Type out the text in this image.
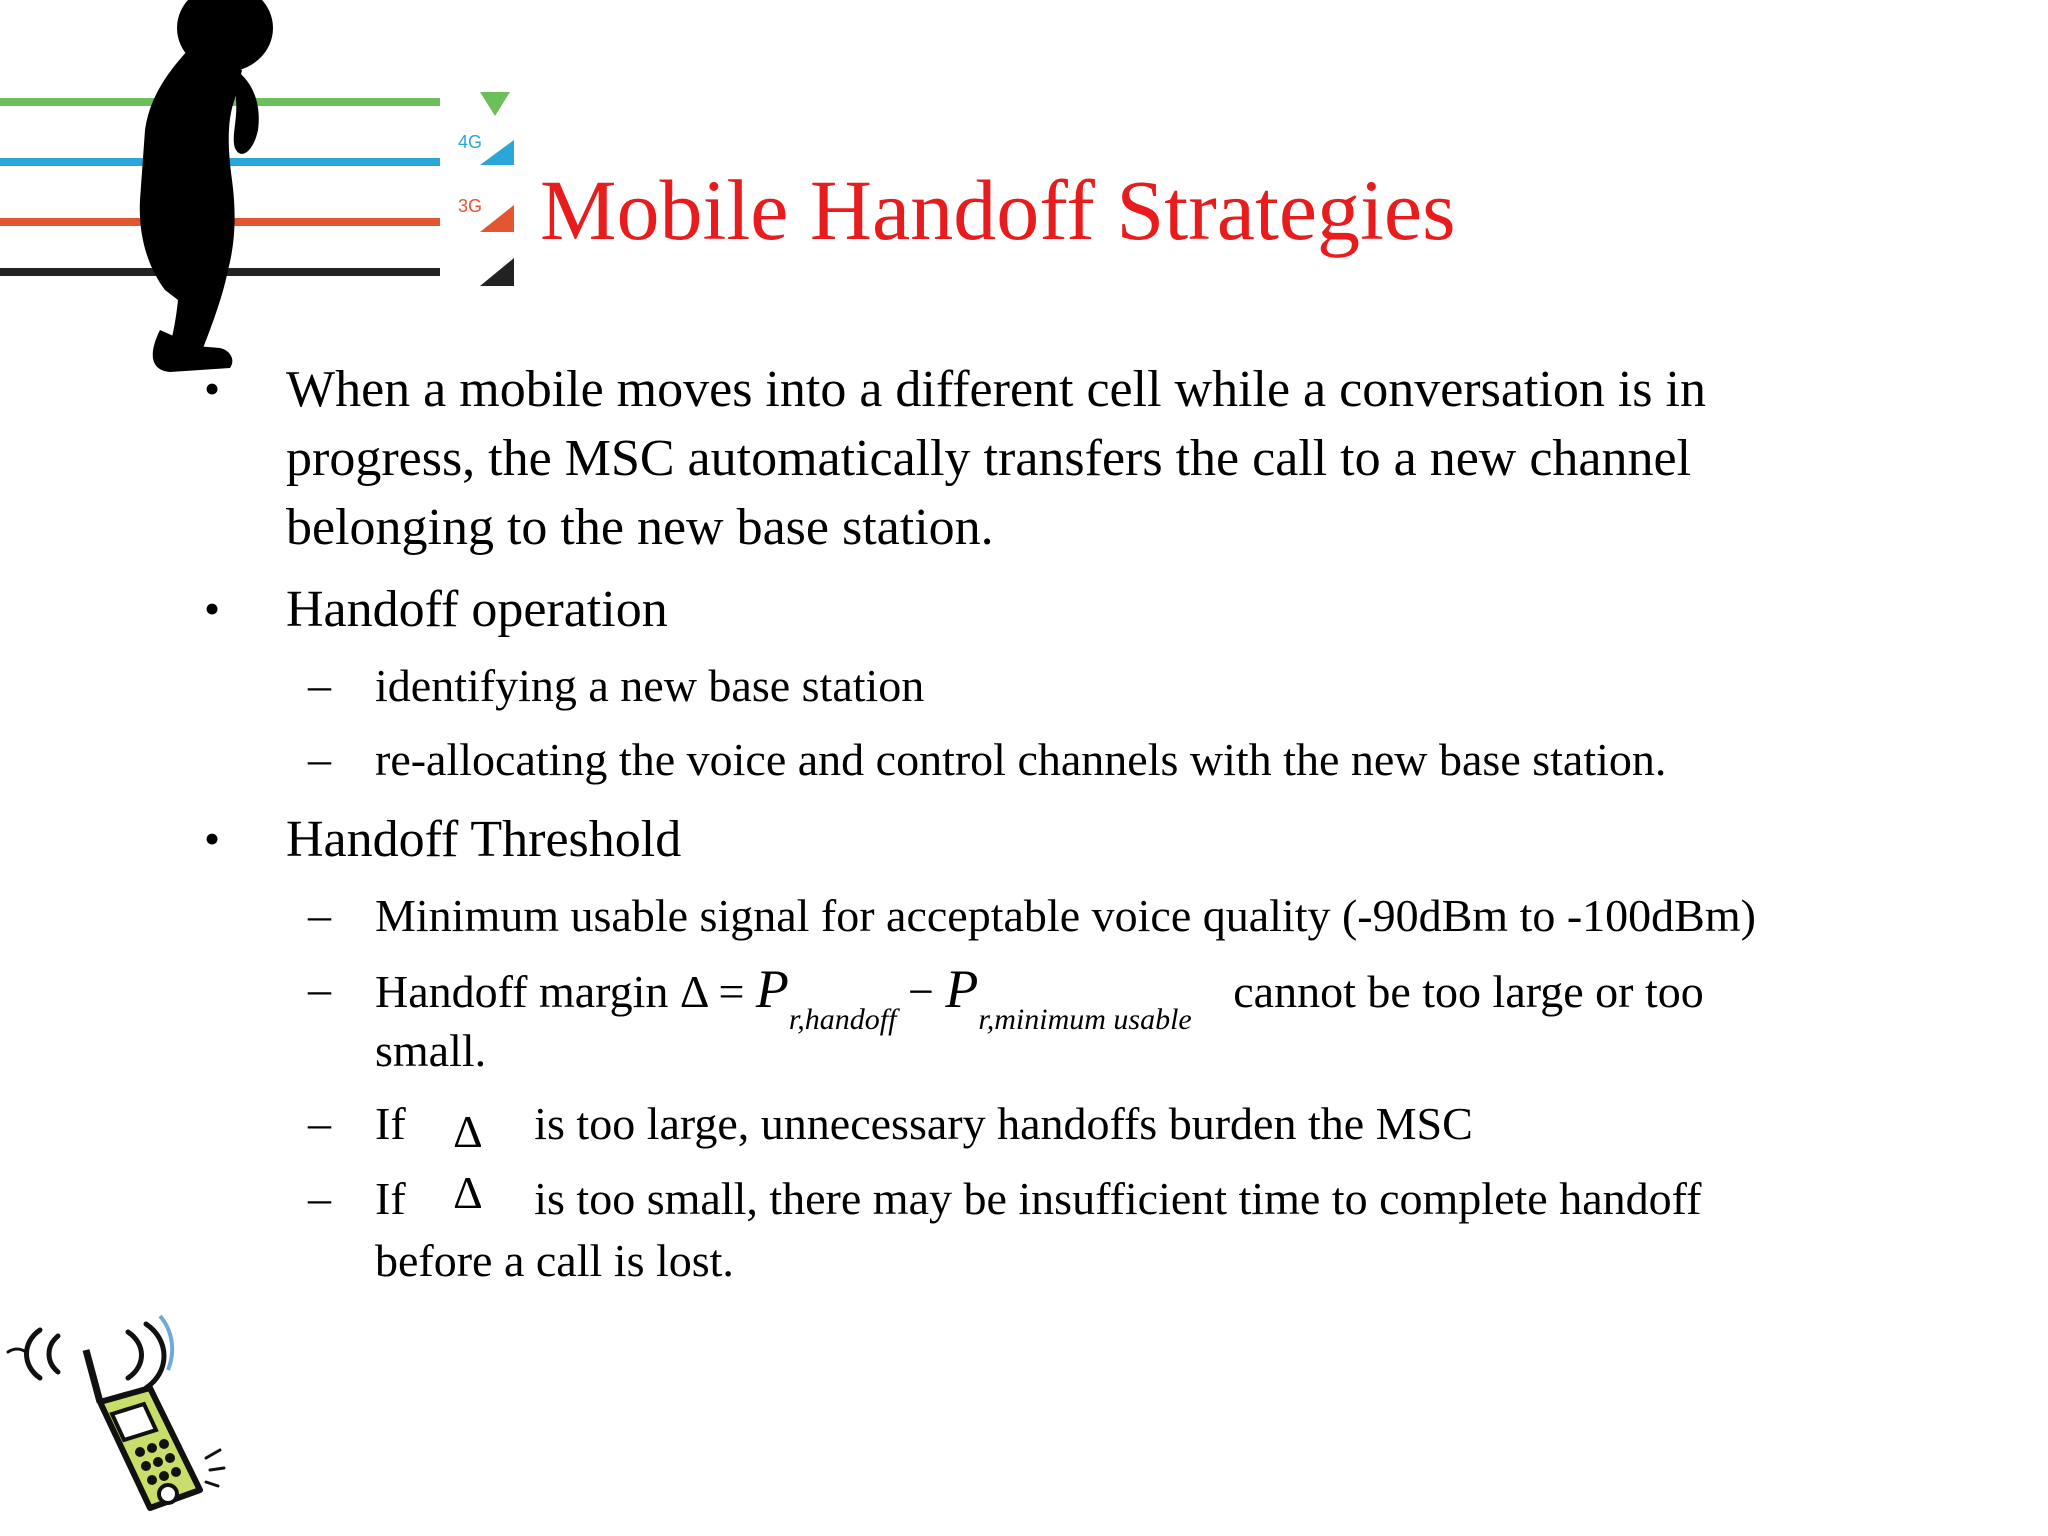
4G
3G Mobile Handoff Strategies
• When a mobile moves into a different cell while a conversation is in
progress, the MSC automatically transfers the call to a new channel
belonging to the new base station.
• Handoff operation
– identifying a new base station
– re-allocating the voice and control channels with the new base station.
• Handoff Threshold
– Minimum usable signal for acceptable voice quality (-90dBm to -100dBm)
– Handoff margin $\Delta = P_{r,handoff} - P_{r,minimum usable}$ cannot be too large or too
small.
– If Δ is too large, unnecessary handoffs burden the MSC
– If Δ is too small, there may be insufficient time to complete handoff
before a call is lost.
